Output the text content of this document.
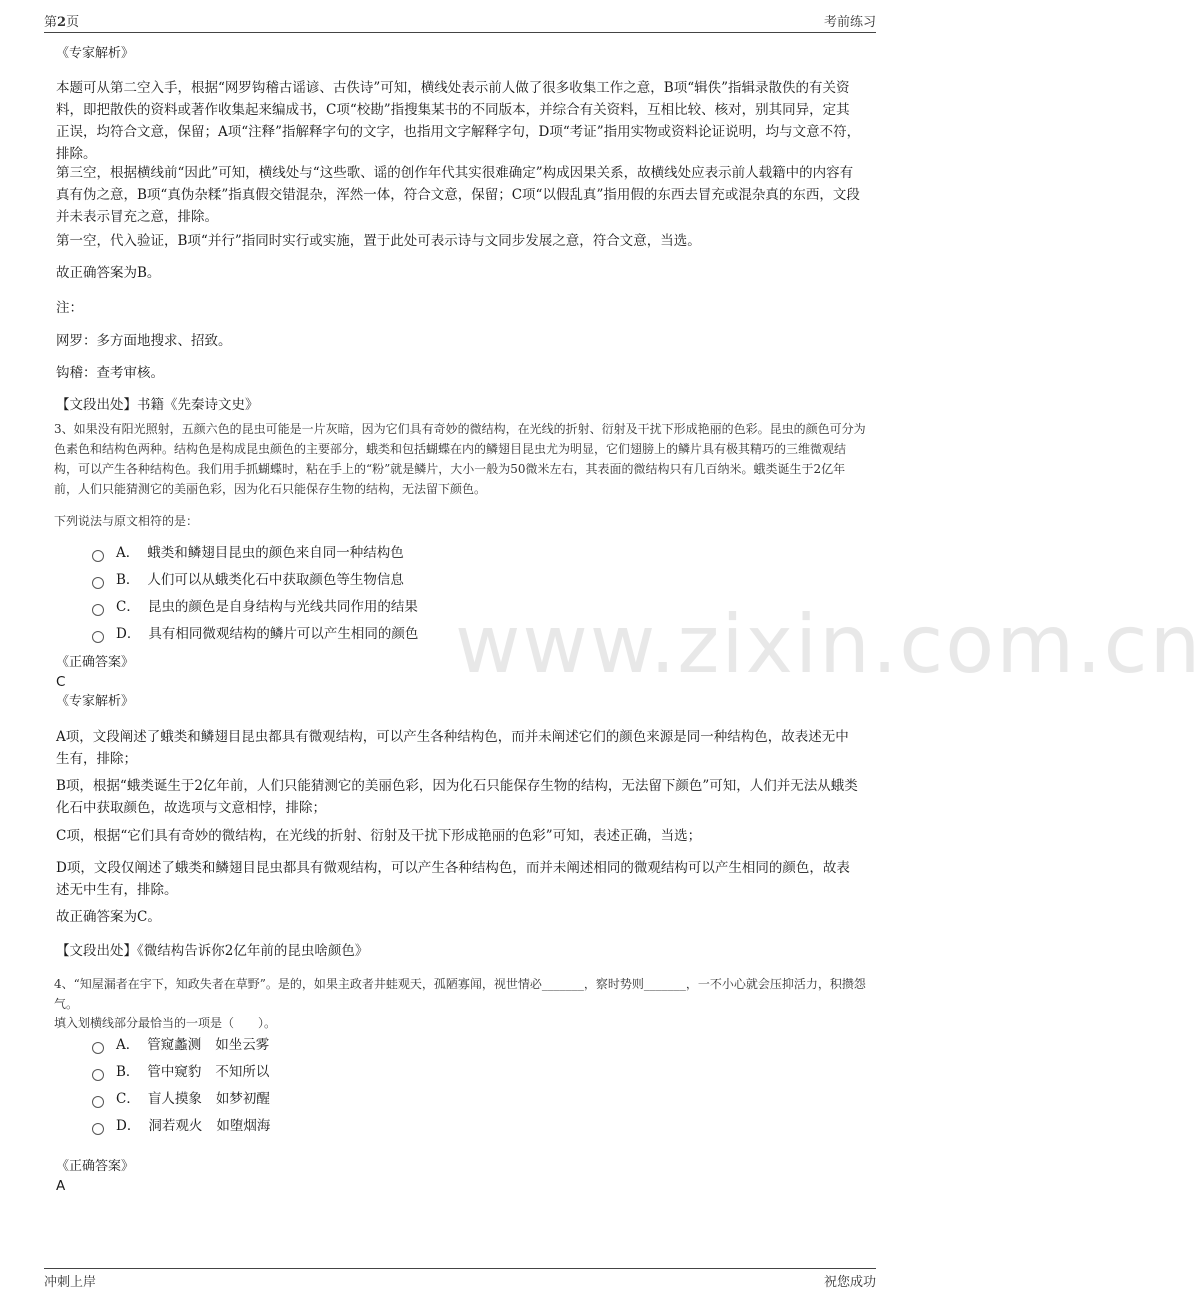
第2页	考前练习
www.zixin.com.cn

《专家解析》

本题可从第二空入手，根据“网罗钩稽古谣谚、古佚诗”可知，横线处表示前人做了很多收集工作之意，B项“辑佚”指辑录散佚的有关资料，即把散佚的资料或著作收集起来编成书，C项“校勘”指搜集某书的不同版本，并综合有关资料，互相比较、核对，别其同异，定其正误，均符合文意，保留；A项“注释”指解释字句的文字，也指用文字解释字句，D项“考证”指用实物或资料论证说明，均与文意不符，排除。

第三空，根据横线前“因此”可知，横线处与“这些歌、谣的创作年代其实很难确定”构成因果关系，故横线处应表示前人载籍中的内容有真有伪之意，B项“真伪杂糅”指真假交错混杂，浑然一体，符合文意，保留；C项“以假乱真”指用假的东西去冒充或混杂真的东西，文段并未表示冒充之意，排除。

第一空，代入验证，B项“并行”指同时实行或实施，置于此处可表示诗与文同步发展之意，符合文意，当选。

故正确答案为B。

注：

网罗：多方面地搜求、招致。

钩稽：查考审核。

【文段出处】书籍《先秦诗文史》

3、如果没有阳光照射，五颜六色的昆虫可能是一片灰暗，因为它们具有奇妙的微结构，在光线的折射、衍射及干扰下形成艳丽的色彩。昆虫的颜色可分为色素色和结构色两种。结构色是构成昆虫颜色的主要部分，蛾类和包括蝴蝶在内的鳞翅目昆虫尤为明显，它们翅膀上的鳞片具有极其精巧的三维微观结构，可以产生各种结构色。我们用手抓蝴蝶时，粘在手上的“粉”就是鳞片，大小一般为50微米左右，其表面的微结构只有几百纳米。蛾类诞生于2亿年前，人们只能猜测它的美丽色彩，因为化石只能保存生物的结构，无法留下颜色。

下列说法与原文相符的是：

A． 蛾类和鳞翅目昆虫的颜色来自同一种结构色
B． 人们可以从蛾类化石中获取颜色等生物信息
C． 昆虫的颜色是自身结构与光线共同作用的结果
D． 具有相同微观结构的鳞片可以产生相同的颜色

《正确答案》

C

《专家解析》

A项，文段阐述了蛾类和鳞翅目昆虫都具有微观结构，可以产生各种结构色，而并未阐述它们的颜色来源是同一种结构色，故表述无中生有，排除；

B项，根据“蛾类诞生于2亿年前，人们只能猜测它的美丽色彩，因为化石只能保存生物的结构，无法留下颜色”可知，人们并无法从蛾类化石中获取颜色，故选项与文意相悖，排除；

C项，根据“它们具有奇妙的微结构，在光线的折射、衍射及干扰下形成艳丽的色彩”可知，表述正确，当选；

D项，文段仅阐述了蛾类和鳞翅目昆虫都具有微观结构，可以产生各种结构色，而并未阐述相同的微观结构可以产生相同的颜色，故表述无中生有，排除。

故正确答案为C。

【文段出处】《微结构告诉你2亿年前的昆虫啥颜色》

4、“知屋漏者在宇下，知政失者在草野”。是的，如果主政者井蛙观天，孤陋寡闻，视世情必_______，察时势则_______，一不小心就会压抑活力，积攒怨气。

填入划横线部分最恰当的一项是（　　）。

A． 管窥蠡测 如坐云雾
B． 管中窥豹 不知所以
C． 盲人摸象 如梦初醒
D． 洞若观火 如堕烟海

《正确答案》

A

冲刺上岸	祝您成功
